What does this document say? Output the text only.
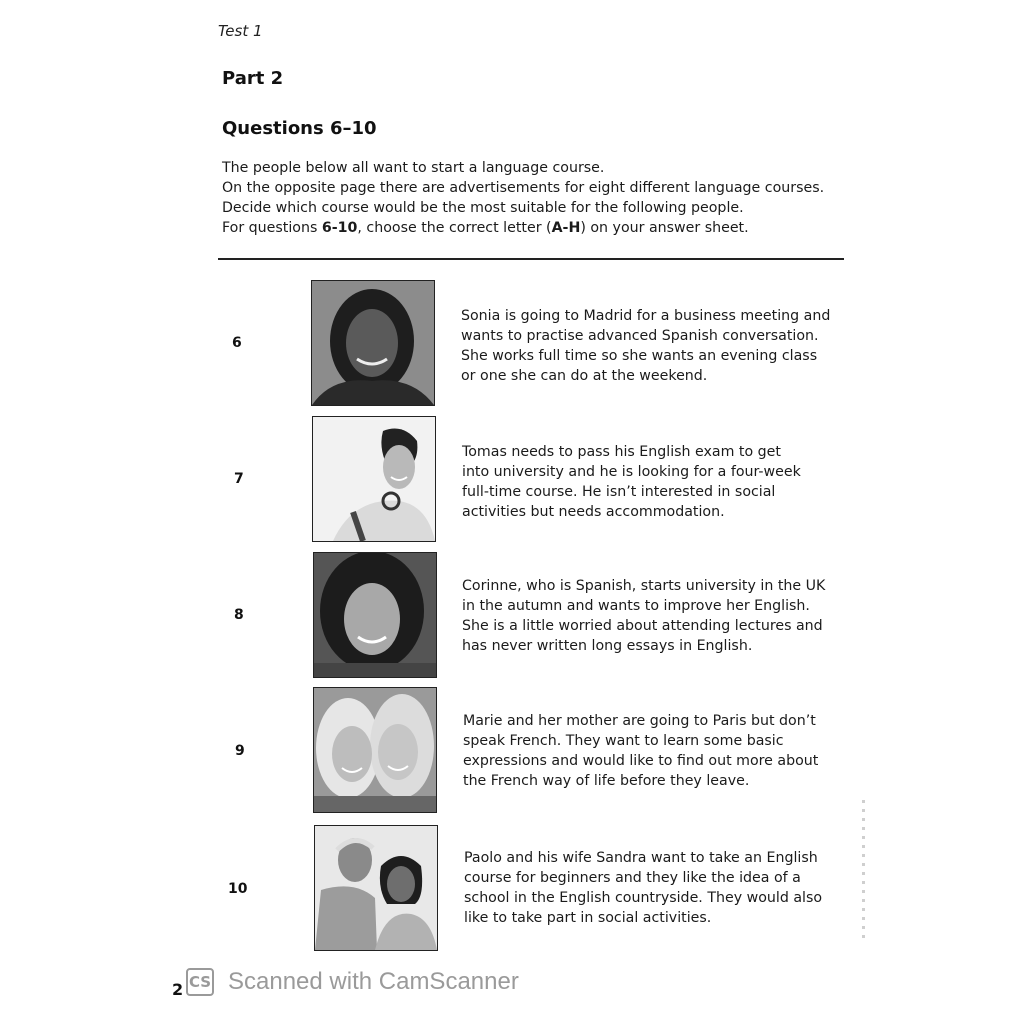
Test 1
Part 2
Questions 6–10

The people below all want to start a language course.

On the opposite page there are advertisements for eight different language courses.

Decide which course would be the most suitable for the following people.

For questions 6-10, choose the correct letter (A-H) on your answer sheet.

6

Sonia is going to Madrid for a business meeting and

wants to practise advanced Spanish conversation.

She works full time so she wants an evening class

or one she can do at the weekend.

7

Tomas needs to pass his English exam to get

into university and he is looking for a four-week

full-time course. He isn’t interested in social

activities but needs accommodation.

8

Corinne, who is Spanish, starts university in the UK

in the autumn and wants to improve her English.

She is a little worried about attending lectures and

has never written long essays in English.

9

Marie and her mother are going to Paris but don’t

speak French. They want to learn some basic

expressions and would like to find out more about

the French way of life before they leave.

10

Paolo and his wife Sandra want to take an English

course for beginners and they like the idea of a

school in the English countryside. They would also

like to take part in social activities.

2 CS Scanned with CamScanner
